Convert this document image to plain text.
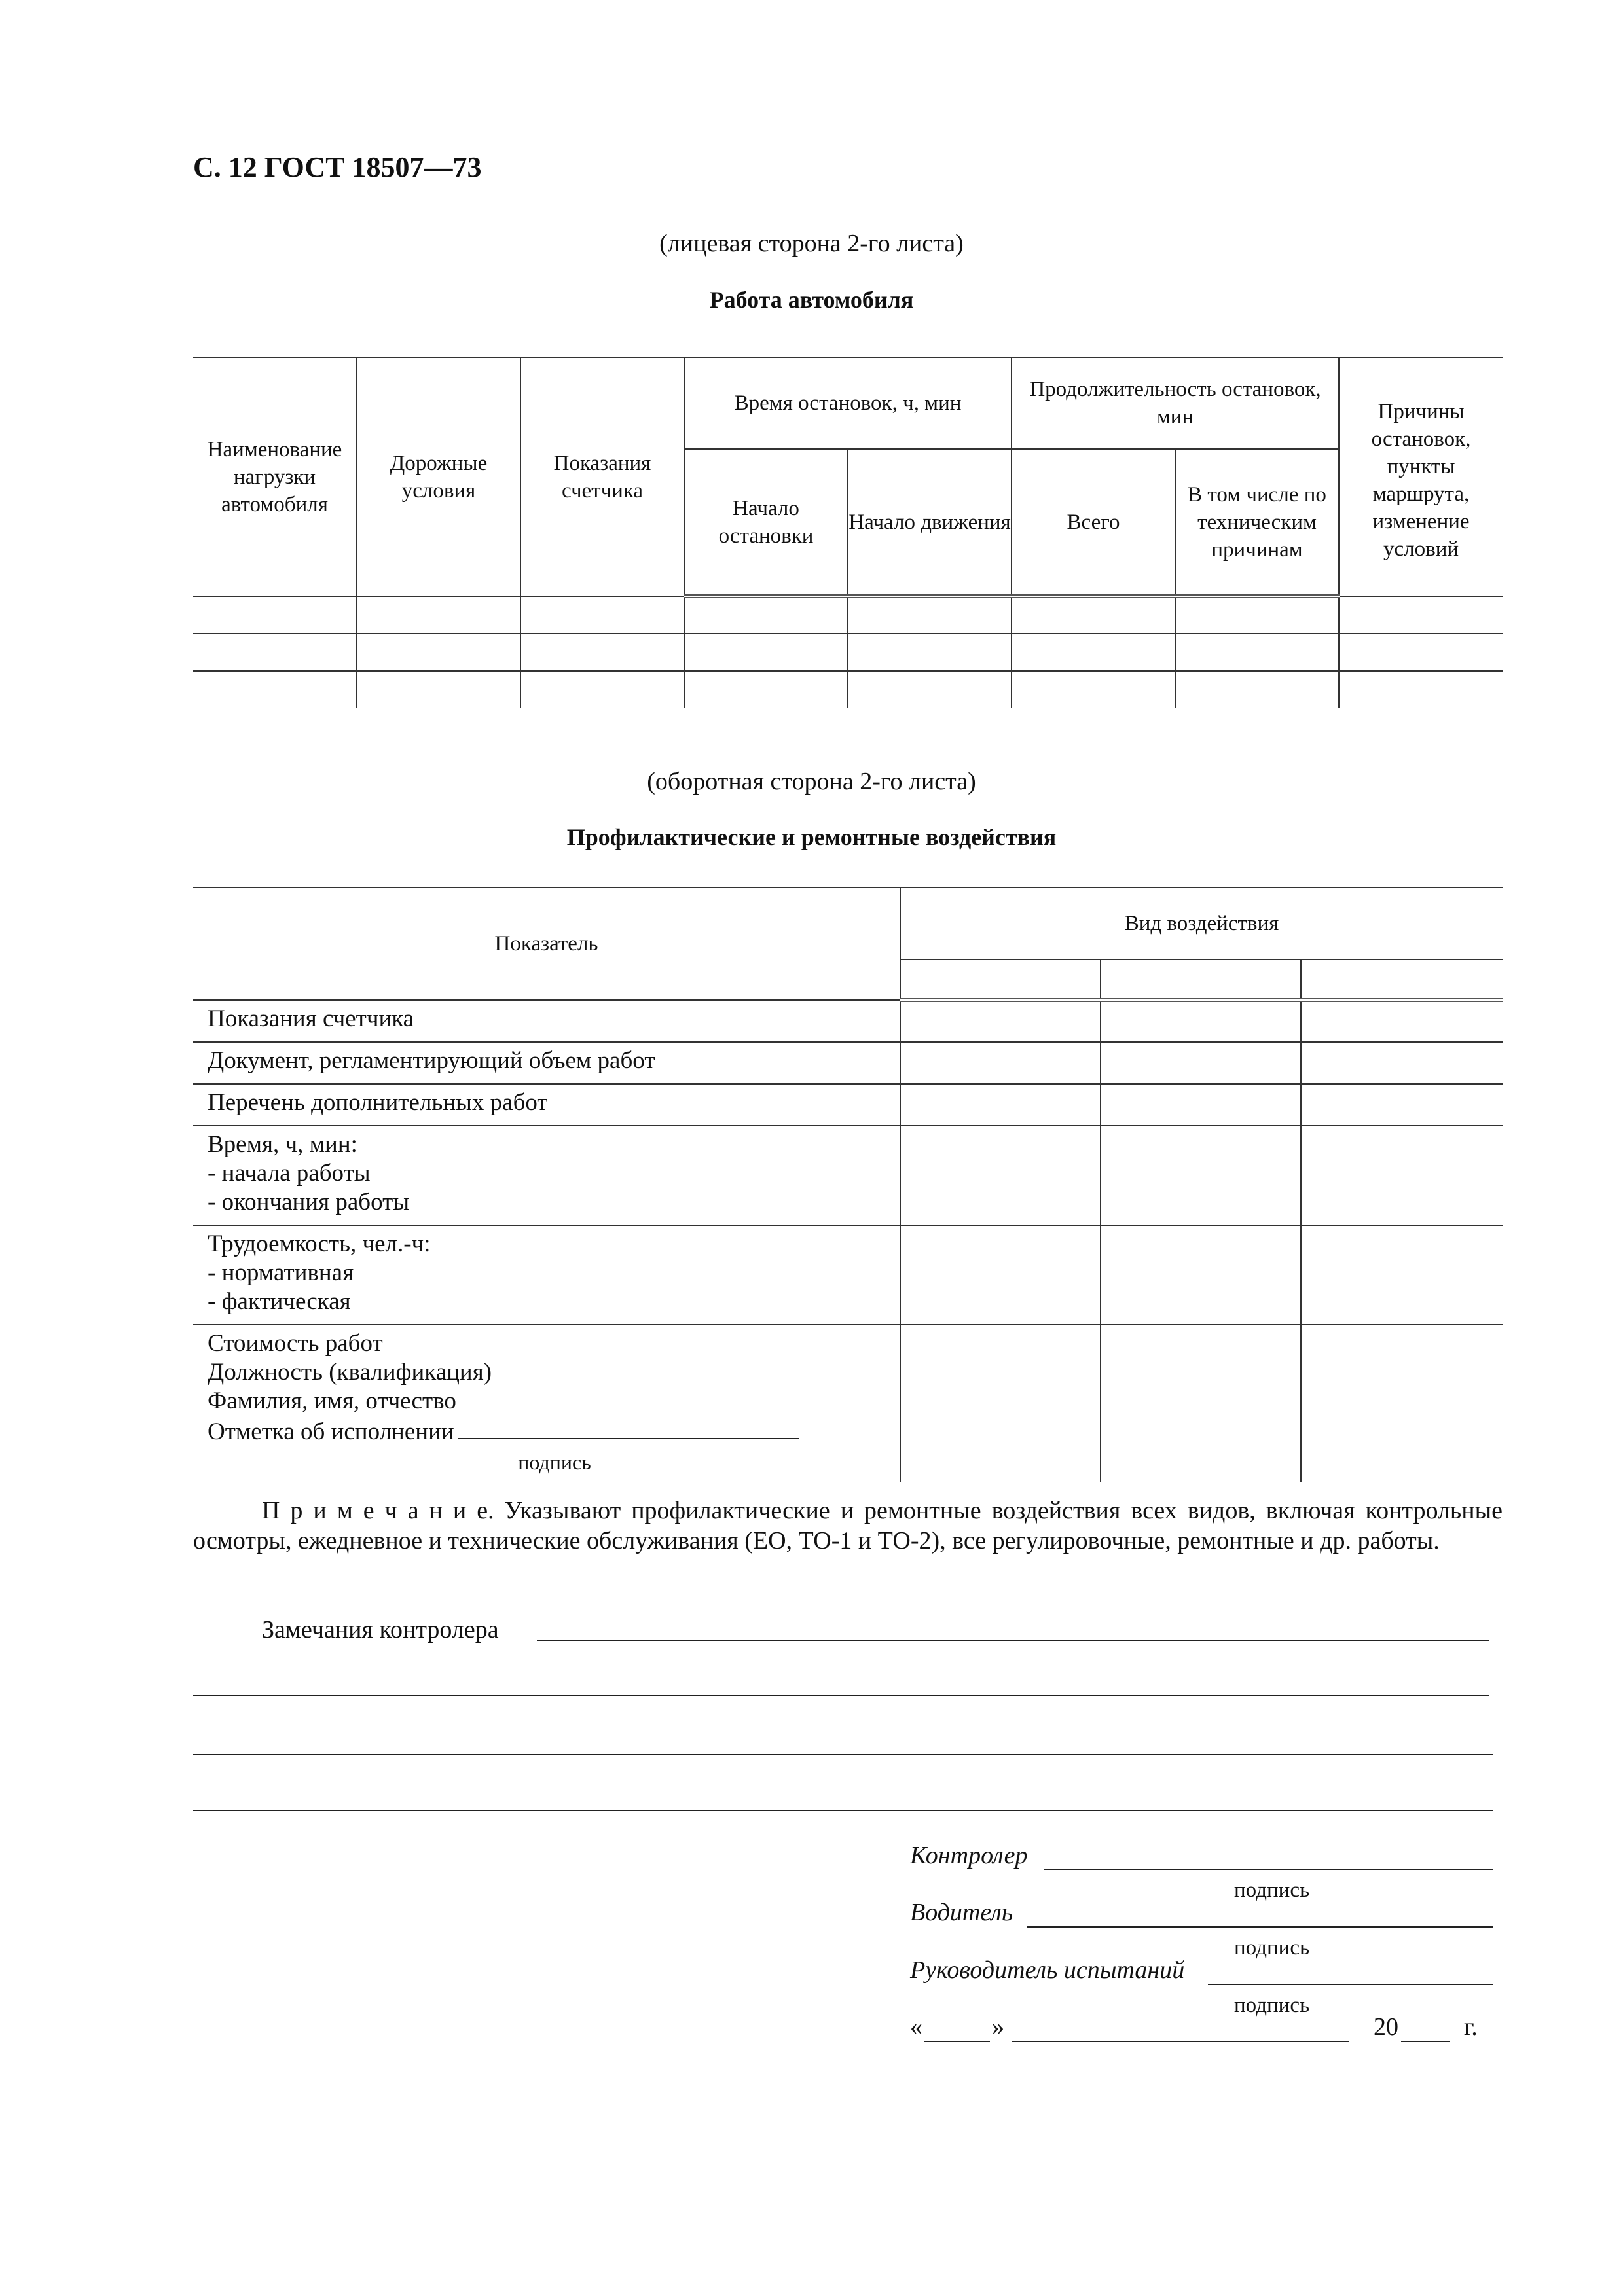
С. 12 ГОСТ 18507—73
(лицевая сторона 2-го листа)
Работа автомобиля
Наименование нагрузки автомобиля	Дорожные условия	Показания счетчика	Время остановок, ч, мин		Продолжительность остановок, мин		Причины остановок, пункты маршрута, изменение условий
			Начало остановки	Начало движения	Всего	В том числе по техническим причинам	

(оборотная сторона 2-го листа)
Профилактические и ремонтные воздействия
Показатель	Вид воздействия		

Показания счетчика			
Документ, регламентирующий объем работ			
Перечень дополнительных работ			

Время, ч, мин:
- начала работы
- окончания работы			

Трудоемкость, чел.-ч:
- нормативная
- фактическая			

Стоимость работ
Должность (квалификация)
Фамилия, имя, отчество
Отметка об исполнении
подпись			

П р и м е ч а н и е. Указывают профилактические и ремонтные воздействия всех видов, включая контрольные осмотры, ежедневное и технические обслуживания (ЕО, ТО-1 и ТО-2), все регулировочные, ремонтные и др. работы.
Замечания контролера
Контролер
подпись
Водитель
подпись
Руководитель испытаний
подпись
«	»	20	г.
